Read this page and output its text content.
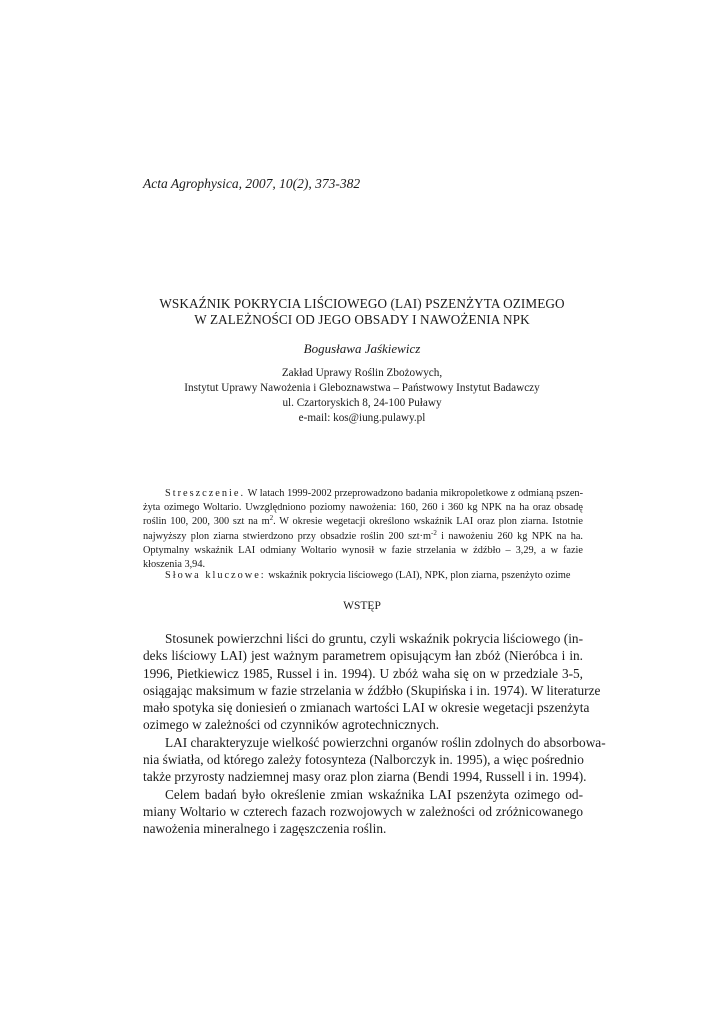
Acta Agrophysica, 2007, 10(2), 373-382
WSKAŹNIK POKRYCIA LIŚCIOWEGO (LAI) PSZENŻYTA OZIMEGO
W ZALEŻNOŚCI OD JEGO OBSADY I NAWOŻENIA NPK
Bogusława Jaśkiewicz
Zakład Uprawy Roślin Zbożowych,
Instytut Uprawy Nawożenia i Gleboznawstwa – Państwowy Instytut Badawczy
ul. Czartoryskich 8, 24-100 Puławy
e-mail: kos@iung.pulawy.pl
Streszczenie. W latach 1999-2002 przeprowadzono badania mikropoletkowe z odmianą pszen-
żyta ozimego Woltario. Uwzględniono poziomy nawożenia: 160, 260 i 360 kg NPK na ha oraz obsadę
roślin 100, 200, 300 szt na $m^2$. W okresie wegetacji określono wskaźnik LAI oraz plon ziarna. Istotnie
najwyższy plon ziarna stwierdzono przy obsadzie roślin 200 $szt\cdot m^{-2}$ i nawożeniu 260 kg NPK na ha.
Optymalny wskaźnik LAI odmiany Woltario wynosił w fazie strzelania w źdźbło – 3,29, a w fazie
kłoszenia 3,94.
Słowa kluczowe: wskaźnik pokrycia liściowego (LAI), NPK, plon ziarna, pszenżyto ozime
WSTĘP
Stosunek powierzchni liści do gruntu, czyli wskaźnik pokrycia liściowego (in-
deks liściowy LAI) jest ważnym parametrem opisującym łan zbóż (Nieróbca i in.
1996, Pietkiewicz 1985, Russel i in. 1994). U zbóż waha się on w przedziale 3-5,
osiągając maksimum w fazie strzelania w źdźbło (Skupińska i in. 1974). W literaturze
mało spotyka się doniesień o zmianach wartości LAI w okresie wegetacji pszenżyta
ozimego w zależności od czynników agrotechnicznych.
LAI charakteryzuje wielkość powierzchni organów roślin zdolnych do absorbowa-
nia światła, od którego zależy fotosynteza (Nalborczyk in. 1995), a więc pośrednio
także przyrosty nadziemnej masy oraz plon ziarna (Bendi 1994, Russell i in. 1994).
Celem badań było określenie zmian wskaźnika LAI pszenżyta ozimego od-
miany Woltario w czterech fazach rozwojowych w zależności od zróżnicowanego
nawożenia mineralnego i zagęszczenia roślin.
